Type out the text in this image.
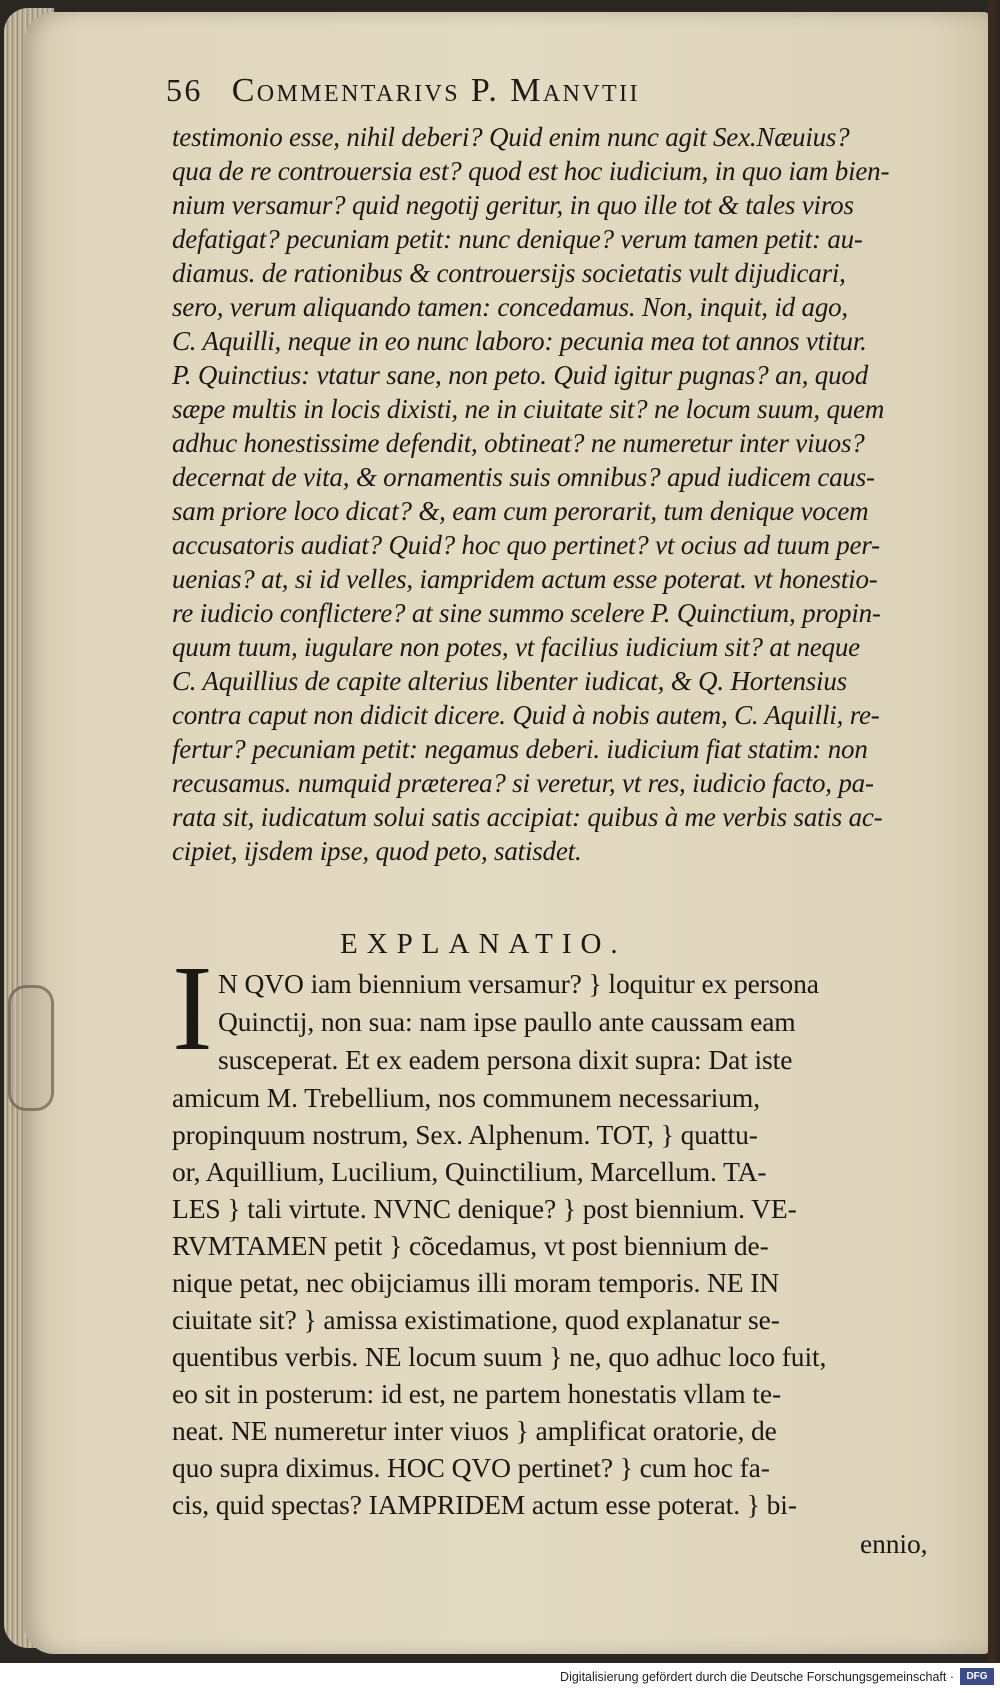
56 Commentarivs P. Manvtii
testimonio esse, nihil deberi? Quid enim nunc agit Sex.Næuius?
qua de re controuersia est? quod est hoc iudicium, in quo iam bien-
nium versamur? quid negotij geritur, in quo ille tot & tales viros
defatigat? pecuniam petit: nunc denique? verum tamen petit: au-
diamus. de rationibus & controuersijs societatis vult dijudicari,
sero, verum aliquando tamen: concedamus. Non, inquit, id ago,
C. Aquilli, neque in eo nunc laboro: pecunia mea tot annos vtitur.
P. Quinctius: vtatur sane, non peto. Quid igitur pugnas? an, quod
sæpe multis in locis dixisti, ne in ciuitate sit? ne locum suum, quem
adhuc honestissime defendit, obtineat? ne numeretur inter viuos?
decernat de vita, & ornamentis suis omnibus? apud iudicem caus-
sam priore loco dicat? &, eam cum perorarit, tum denique vocem
accusatoris audiat? Quid? hoc quo pertinet? vt ocius ad tuum per-
uenias? at, si id velles, iampridem actum esse poterat. vt honestio-
re iudicio conflictere? at sine summo scelere P. Quinctium, propin-
quum tuum, iugulare non potes, vt facilius iudicium sit? at neque
C. Aquillius de capite alterius libenter iudicat, & Q. Hortensius
contra caput non didicit dicere. Quid à nobis autem, C. Aquilli, re-
fertur? pecuniam petit: negamus deberi. iudicium fiat statim: non
recusamus. numquid præterea? si veretur, vt res, iudicio facto, pa-
rata sit, iudicatum solui satis accipiat: quibus à me verbis satis ac-
cipiet, ijsdem ipse, quod peto, satisdet.
EXPLANATIO.
I N QVO iam biennium versamur? } loquitur ex persona
Quinctij, non sua: nam ipse paullo ante caussam eam
susceperat. Et ex eadem persona dixit supra: Dat iste
amicum M. Trebellium, nos communem necessarium,
propinquum nostrum, Sex. Alphenum. TOT, } quattu-
or, Aquillium, Lucilium, Quinctilium, Marcellum. TA-
LES } tali virtute. NVNC denique? } post biennium. VE-
RVMTAMEN petit } cõcedamus, vt post biennium de-
nique petat, nec obijciamus illi moram temporis. NE IN
ciuitate sit? } amissa existimatione, quod explanatur se-
quentibus verbis. NE locum suum } ne, quo adhuc loco fuit,
eo sit in posterum: id est, ne partem honestatis vllam te-
neat. NE numeretur inter viuos } amplificat oratorie, de
quo supra diximus. HOC QVO pertinet? } cum hoc fa-
cis, quid spectas? IAMPRIDEM actum esse poterat. } bi-
ennio,
Digitalisierung gefördert durch die Deutsche Forschungsgemeinschaft ·	DFG
